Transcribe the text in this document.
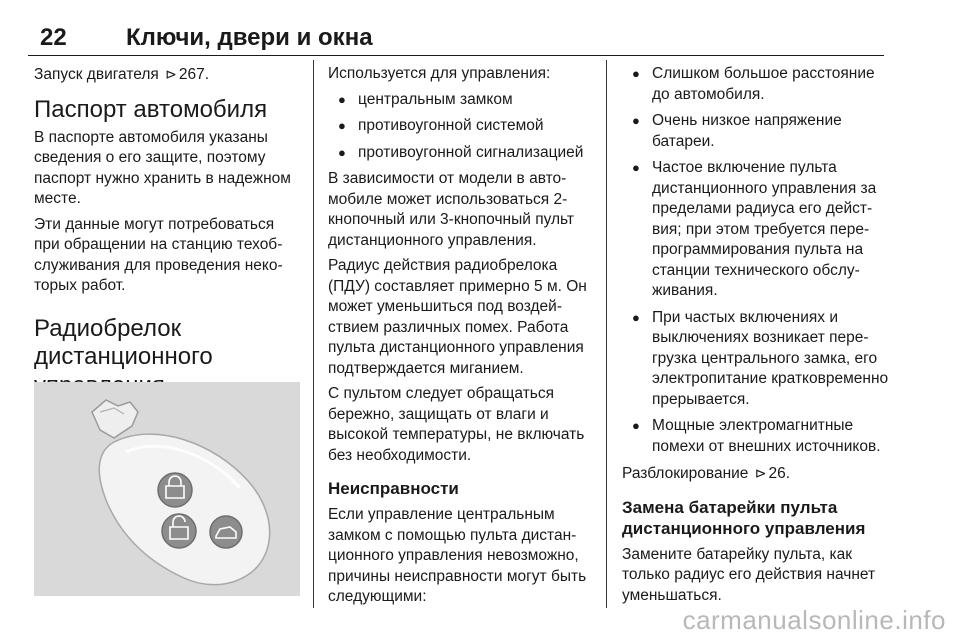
22 Ключи, двери и окна

Запуск двигателя ⊳ 267.

Паспорт автомобиля

В паспорте автомобиля указаны сведения о его защите, поэтому паспорт нужно хранить в надежном месте.

Эти данные могут потребоваться при обращении на станцию техобслуживания для проведения некоторых работ.

Радиобрелок дистанционного

Используется для управления:

● центральным замком
● противоугонной системой
● противоугонной сигнализацией

В зависимости от модели в автомобиле может использоваться 2-кнопочный или 3-кнопочный пульт дистанционного управления.

Радиус действия радиобрелока (ПДУ) составляет примерно 5 м. Он может уменьшиться под воздействием различных помех. Работа пульта дистанционного управления подтверждается миганием.

С пультом следует обращаться бережно, защищать от влаги и высокой температуры, не включать без необходимости.

Неисправности

Если управление центральным замком с помощью пульта дистанционного управления невозможно, причины неисправности могут быть следующими:

● Слишком большое расстояние до автомобиля.
● Очень низкое напряжение батареи.
● Частое включение пульта дистанционного управления за пределами радиуса его действия; при этом требуется перепрограммирования пульта на станции технического обслуживания.
● При частых включениях и выключениях возникает перегрузка центрального замка, его электропитание кратковременно прерывается.
● Мощные электромагнитные помехи от внешних источников.

Разблокирование ⊳ 26.

Замена батарейки пульта дистанционного управления

Замените батарейку пульта, как только радиус его действия начнет уменьшаться.

carmanualsonline.info
